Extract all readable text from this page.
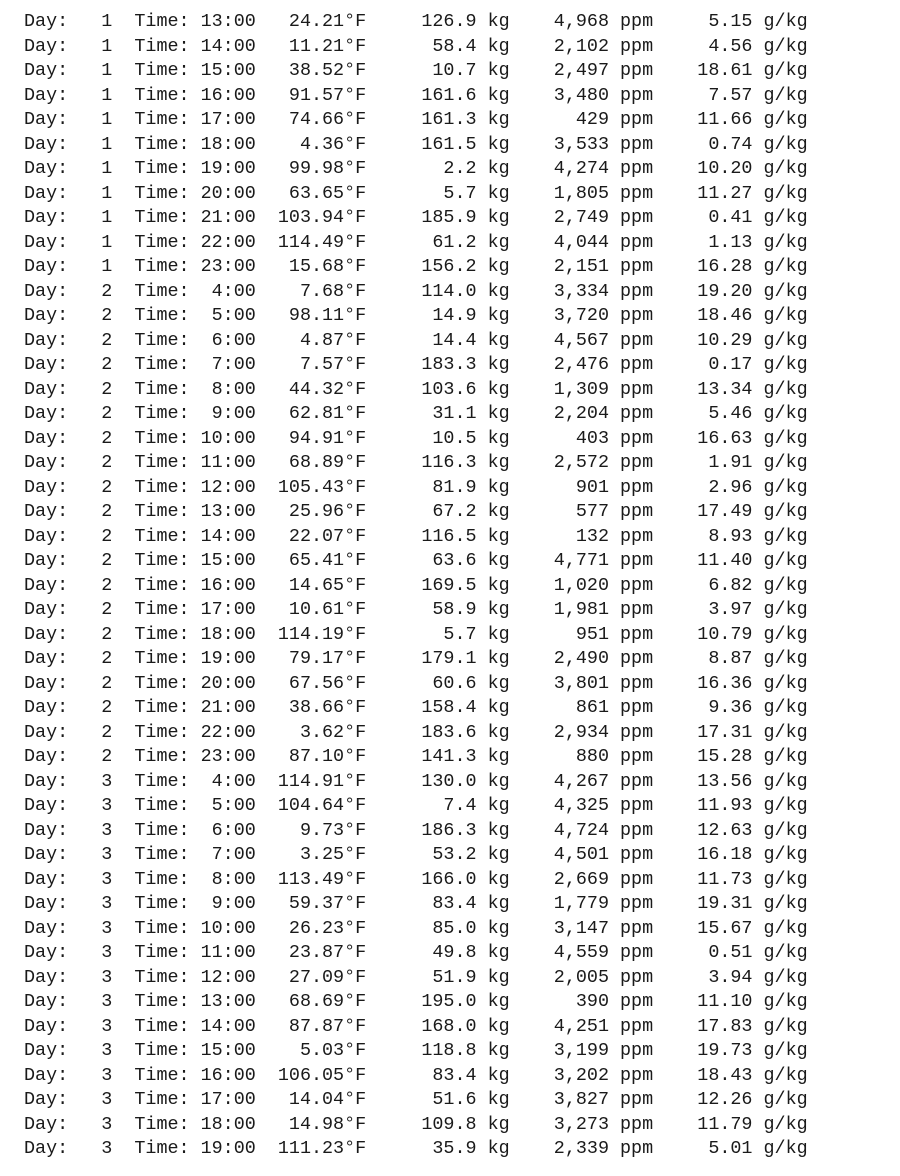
Day:   1 Time: 13:00   24.21°F     126.9 kg    4,968 ppm     5.15 g/kg
Day:   1 Time: 14:00   11.21°F      58.4 kg    2,102 ppm     4.56 g/kg
Day:   1 Time: 15:00   38.52°F      10.7 kg    2,497 ppm    18.61 g/kg
Day:   1 Time: 16:00   91.57°F     161.6 kg    3,480 ppm     7.57 g/kg
Day:   1 Time: 17:00   74.66°F     161.3 kg      429 ppm    11.66 g/kg
Day:   1 Time: 18:00    4.36°F     161.5 kg    3,533 ppm     0.74 g/kg
Day:   1 Time: 19:00   99.98°F       2.2 kg    4,274 ppm    10.20 g/kg
Day:   1 Time: 20:00   63.65°F       5.7 kg    1,805 ppm    11.27 g/kg
Day:   1 Time: 21:00  103.94°F     185.9 kg    2,749 ppm     0.41 g/kg
Day:   1 Time: 22:00  114.49°F      61.2 kg    4,044 ppm     1.13 g/kg
Day:   1 Time: 23:00   15.68°F     156.2 kg    2,151 ppm    16.28 g/kg
Day:   2 Time:  4:00    7.68°F     114.0 kg    3,334 ppm    19.20 g/kg
Day:   2 Time:  5:00   98.11°F      14.9 kg    3,720 ppm    18.46 g/kg
Day:   2 Time:  6:00    4.87°F      14.4 kg    4,567 ppm    10.29 g/kg
Day:   2 Time:  7:00    7.57°F     183.3 kg    2,476 ppm     0.17 g/kg
Day:   2 Time:  8:00   44.32°F     103.6 kg    1,309 ppm    13.34 g/kg
Day:   2 Time:  9:00   62.81°F      31.1 kg    2,204 ppm     5.46 g/kg
Day:   2 Time: 10:00   94.91°F      10.5 kg      403 ppm    16.63 g/kg
Day:   2 Time: 11:00   68.89°F     116.3 kg    2,572 ppm     1.91 g/kg
Day:   2 Time: 12:00  105.43°F      81.9 kg      901 ppm     2.96 g/kg
Day:   2 Time: 13:00   25.96°F      67.2 kg      577 ppm    17.49 g/kg
Day:   2 Time: 14:00   22.07°F     116.5 kg      132 ppm     8.93 g/kg
Day:   2 Time: 15:00   65.41°F      63.6 kg    4,771 ppm    11.40 g/kg
Day:   2 Time: 16:00   14.65°F     169.5 kg    1,020 ppm     6.82 g/kg
Day:   2 Time: 17:00   10.61°F      58.9 kg    1,981 ppm     3.97 g/kg
Day:   2 Time: 18:00  114.19°F       5.7 kg      951 ppm    10.79 g/kg
Day:   2 Time: 19:00   79.17°F     179.1 kg    2,490 ppm     8.87 g/kg
Day:   2 Time: 20:00   67.56°F      60.6 kg    3,801 ppm    16.36 g/kg
Day:   2 Time: 21:00   38.66°F     158.4 kg      861 ppm     9.36 g/kg
Day:   2 Time: 22:00    3.62°F     183.6 kg    2,934 ppm    17.31 g/kg
Day:   2 Time: 23:00   87.10°F     141.3 kg      880 ppm    15.28 g/kg
Day:   3 Time:  4:00  114.91°F     130.0 kg    4,267 ppm    13.56 g/kg
Day:   3 Time:  5:00  104.64°F       7.4 kg    4,325 ppm    11.93 g/kg
Day:   3 Time:  6:00    9.73°F     186.3 kg    4,724 ppm    12.63 g/kg
Day:   3 Time:  7:00    3.25°F      53.2 kg    4,501 ppm    16.18 g/kg
Day:   3 Time:  8:00  113.49°F     166.0 kg    2,669 ppm    11.73 g/kg
Day:   3 Time:  9:00   59.37°F      83.4 kg    1,779 ppm    19.31 g/kg
Day:   3 Time: 10:00   26.23°F      85.0 kg    3,147 ppm    15.67 g/kg
Day:   3 Time: 11:00   23.87°F      49.8 kg    4,559 ppm     0.51 g/kg
Day:   3 Time: 12:00   27.09°F      51.9 kg    2,005 ppm     3.94 g/kg
Day:   3 Time: 13:00   68.69°F     195.0 kg      390 ppm    11.10 g/kg
Day:   3 Time: 14:00   87.87°F     168.0 kg    4,251 ppm    17.83 g/kg
Day:   3 Time: 15:00    5.03°F     118.8 kg    3,199 ppm    19.73 g/kg
Day:   3 Time: 16:00  106.05°F      83.4 kg    3,202 ppm    18.43 g/kg
Day:   3 Time: 17:00   14.04°F      51.6 kg    3,827 ppm    12.26 g/kg
Day:   3 Time: 18:00   14.98°F     109.8 kg    3,273 ppm    11.79 g/kg
Day:   3 Time: 19:00  111.23°F      35.9 kg    2,339 ppm     5.01 g/kg
